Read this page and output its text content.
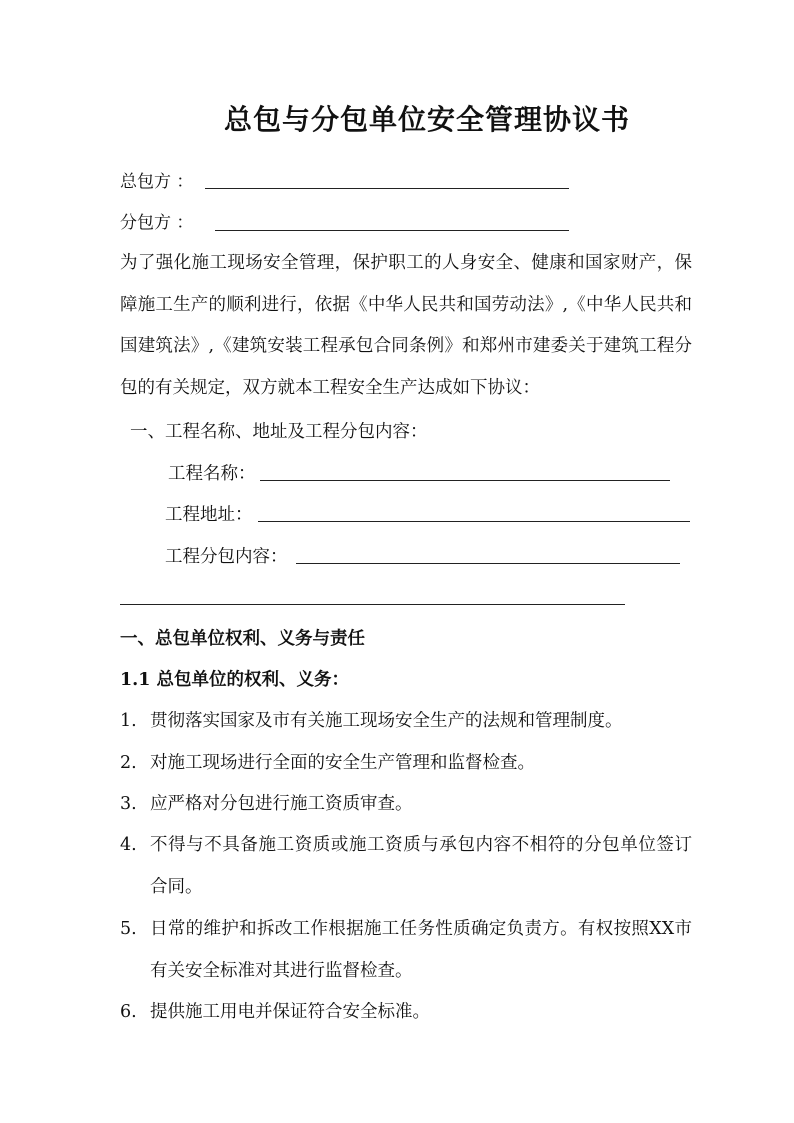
总包与分包单位安全管理协议书
总包方 ：
分包方 ：
为了强化施工现场安全管理，保护职工的人身安全、健康和国家财产，保障施工生产的顺利进行，依据《中华人民共和国劳动法》,《中华人民共和国建筑法》,《建筑安装工程承包合同条例》和郑州市建委关于建筑工程分包的有关规定，双方就本工程安全生产达成如下协议：
一、工程名称、地址及工程分包内容：
工程名称：
工程地址：
工程分包内容：
一、总包单位权利、义务与责任
1.1 总包单位的权利、义务：
1. 贯彻落实国家及市有关施工现场安全生产的法规和管理制度。
2. 对施工现场进行全面的安全生产管理和监督检查。
3. 应严格对分包进行施工资质审查。
4. 不得与不具备施工资质或施工资质与承包内容不相符的分包单位签订合同。
5. 日常的维护和拆改工作根据施工任务性质确定负责方。有权按照XX市有关安全标准对其进行监督检查。
6. 提供施工用电并保证符合安全标准。
